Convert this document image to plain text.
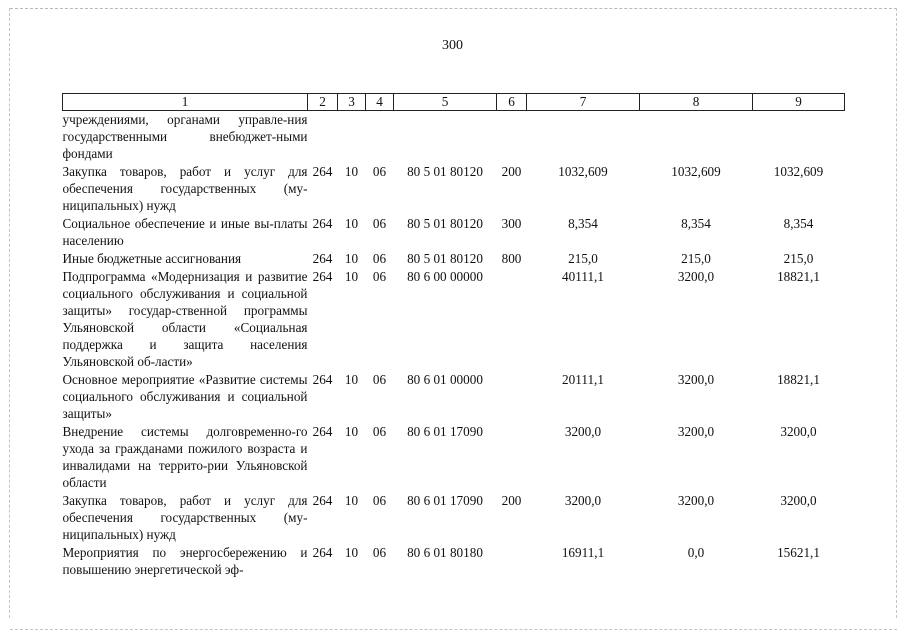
300
1	2	3	4	5	6	7	8	9
учреждениями, органами управле-ния государственными внебюджет-ными фондами								
Закупка товаров, работ и услуг для обеспечения государственных (му-ниципальных) нужд	264	10	06	80 5 01 80120	200	1032,609	1032,609	1032,609
Социальное обеспечение и иные вы-платы населению	264	10	06	80 5 01 80120	300	8,354	8,354	8,354
Иные бюджетные ассигнования	264	10	06	80 5 01 80120	800	215,0	215,0	215,0
Подпрограмма «Модернизация и развитие социального обслуживания и социальной защиты» государ-ственной программы Ульяновской области «Социальная поддержка и защита населения Ульяновской об-ласти»	264	10	06	80 6 00 00000		40111,1	3200,0	18821,1
Основное мероприятие «Развитие системы социального обслуживания и социальной защиты»	264	10	06	80 6 01 00000		20111,1	3200,0	18821,1
Внедрение системы долговременно-го ухода за гражданами пожилого возраста и инвалидами на террито-рии Ульяновской области	264	10	06	80 6 01 17090		3200,0	3200,0	3200,0
Закупка товаров, работ и услуг для обеспечения государственных (му-ниципальных) нужд	264	10	06	80 6 01 17090	200	3200,0	3200,0	3200,0
Мероприятия по энергосбережению и повышению энергетической эф-	264	10	06	80 6 01 80180		16911,1	0,0	15621,1
